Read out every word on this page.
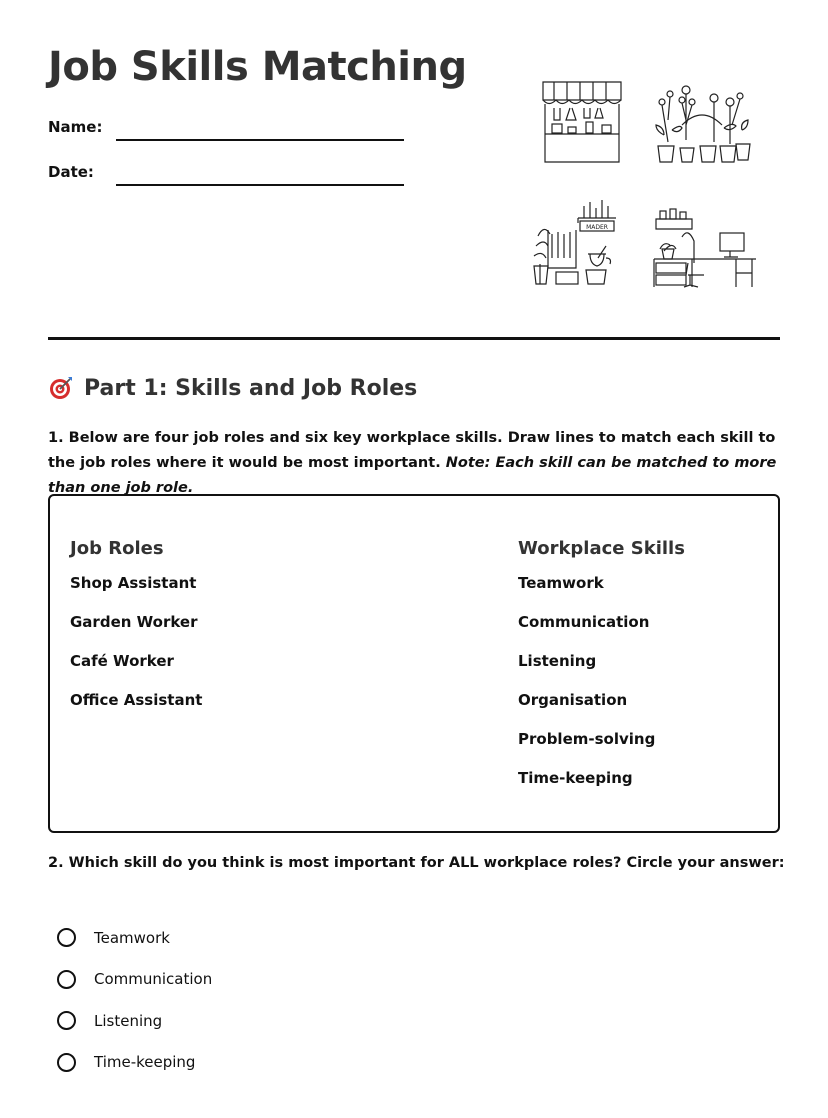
Job Skills Matching
Name:
Date:
MADER
Part 1: Skills and Job Roles

1. Below are four job roles and six key workplace skills. Draw lines to match each skill to the job roles where it would be most important. Note: Each skill can be matched to more than one job role.

Job Roles
Shop Assistant
Garden Worker
Café Worker
Office Assistant
Workplace Skills
Teamwork
Communication
Listening
Organisation
Problem-solving
Time-keeping

2. Which skill do you think is most important for ALL workplace roles? Circle your answer:

Teamwork
Communication
Listening
Time-keeping
